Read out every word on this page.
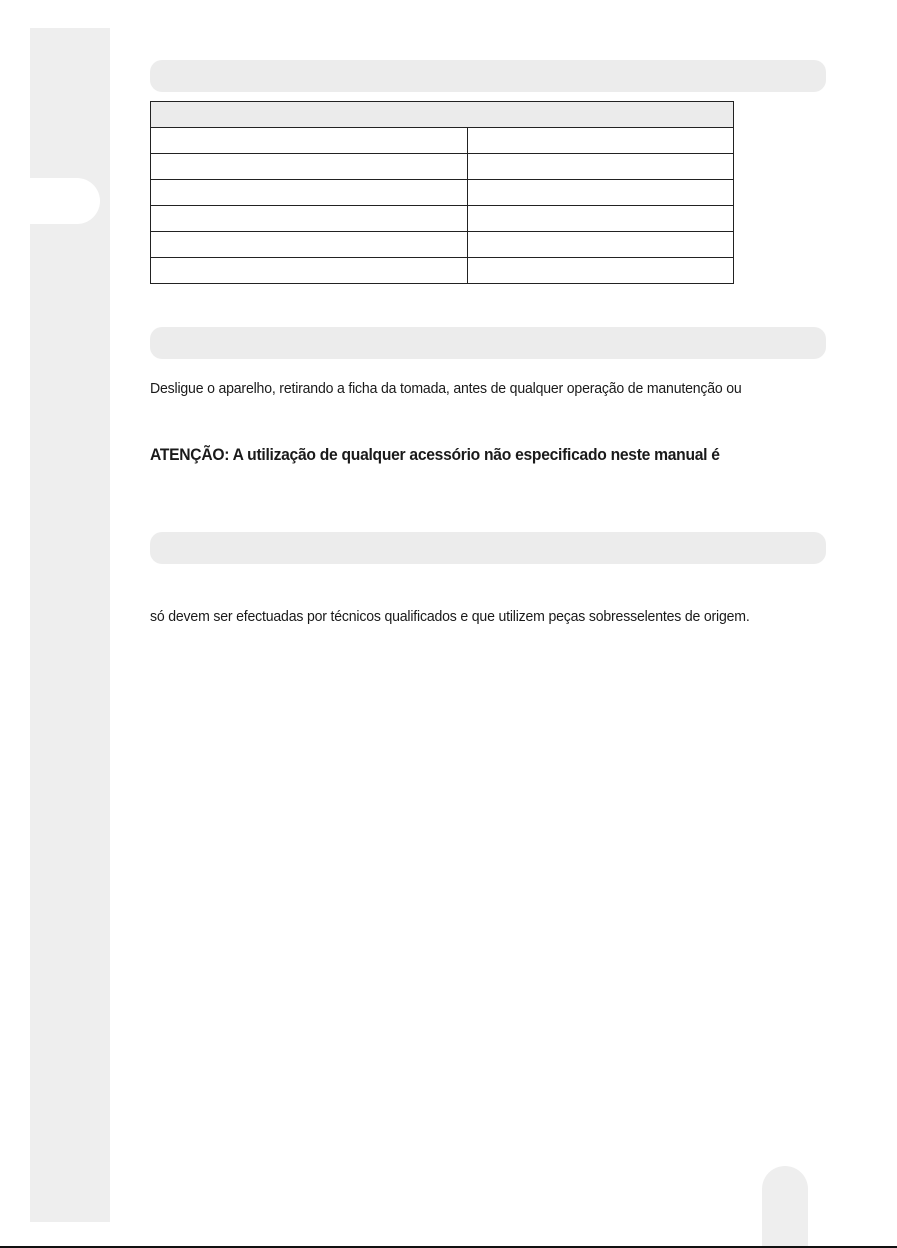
Desligue o aparelho, retirando a ficha da tomada, antes de qualquer operação de manutenção ou

ATENÇÃO: A utilização de qualquer acessório não especificado neste manual é

só devem ser efectuadas por técnicos qualificados e que utilizem peças sobresselentes de origem.
